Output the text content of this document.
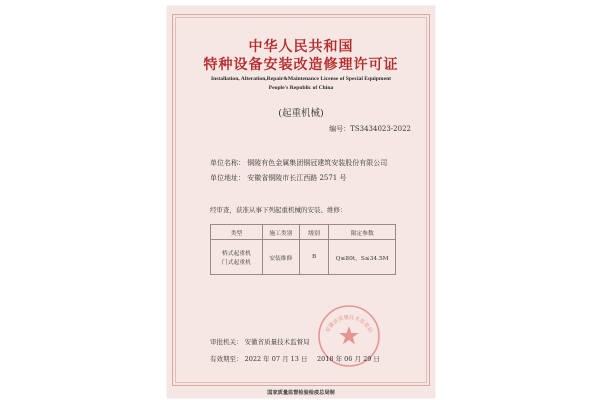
中华人民共和国
特种设备安装改造修理许可证
Installation, Alteration,Repair&Maintenance License of Special Equipment
People's Republic of China
(起重机械)
编号：TS3434023-2022
单位名称： 铜陵有色金属集团铜冠建筑安装股份有限公司
单位地址： 安徽省铜陵市长江西路 2571 号
经审查，获准从事下列起重机械的安装、维修：
类型	施工类别	级别	限定参数

桥式起重机
门式起重机	安装维修	B	Q≤80t，S≤34.5M
审批机关： 安徽省质量技术监督局
有效期至： 2022 年 07 月 13 日
安徽省质量技术监督局
2018 年 06 月 29 日
国家质量监督检验检疫总局制
